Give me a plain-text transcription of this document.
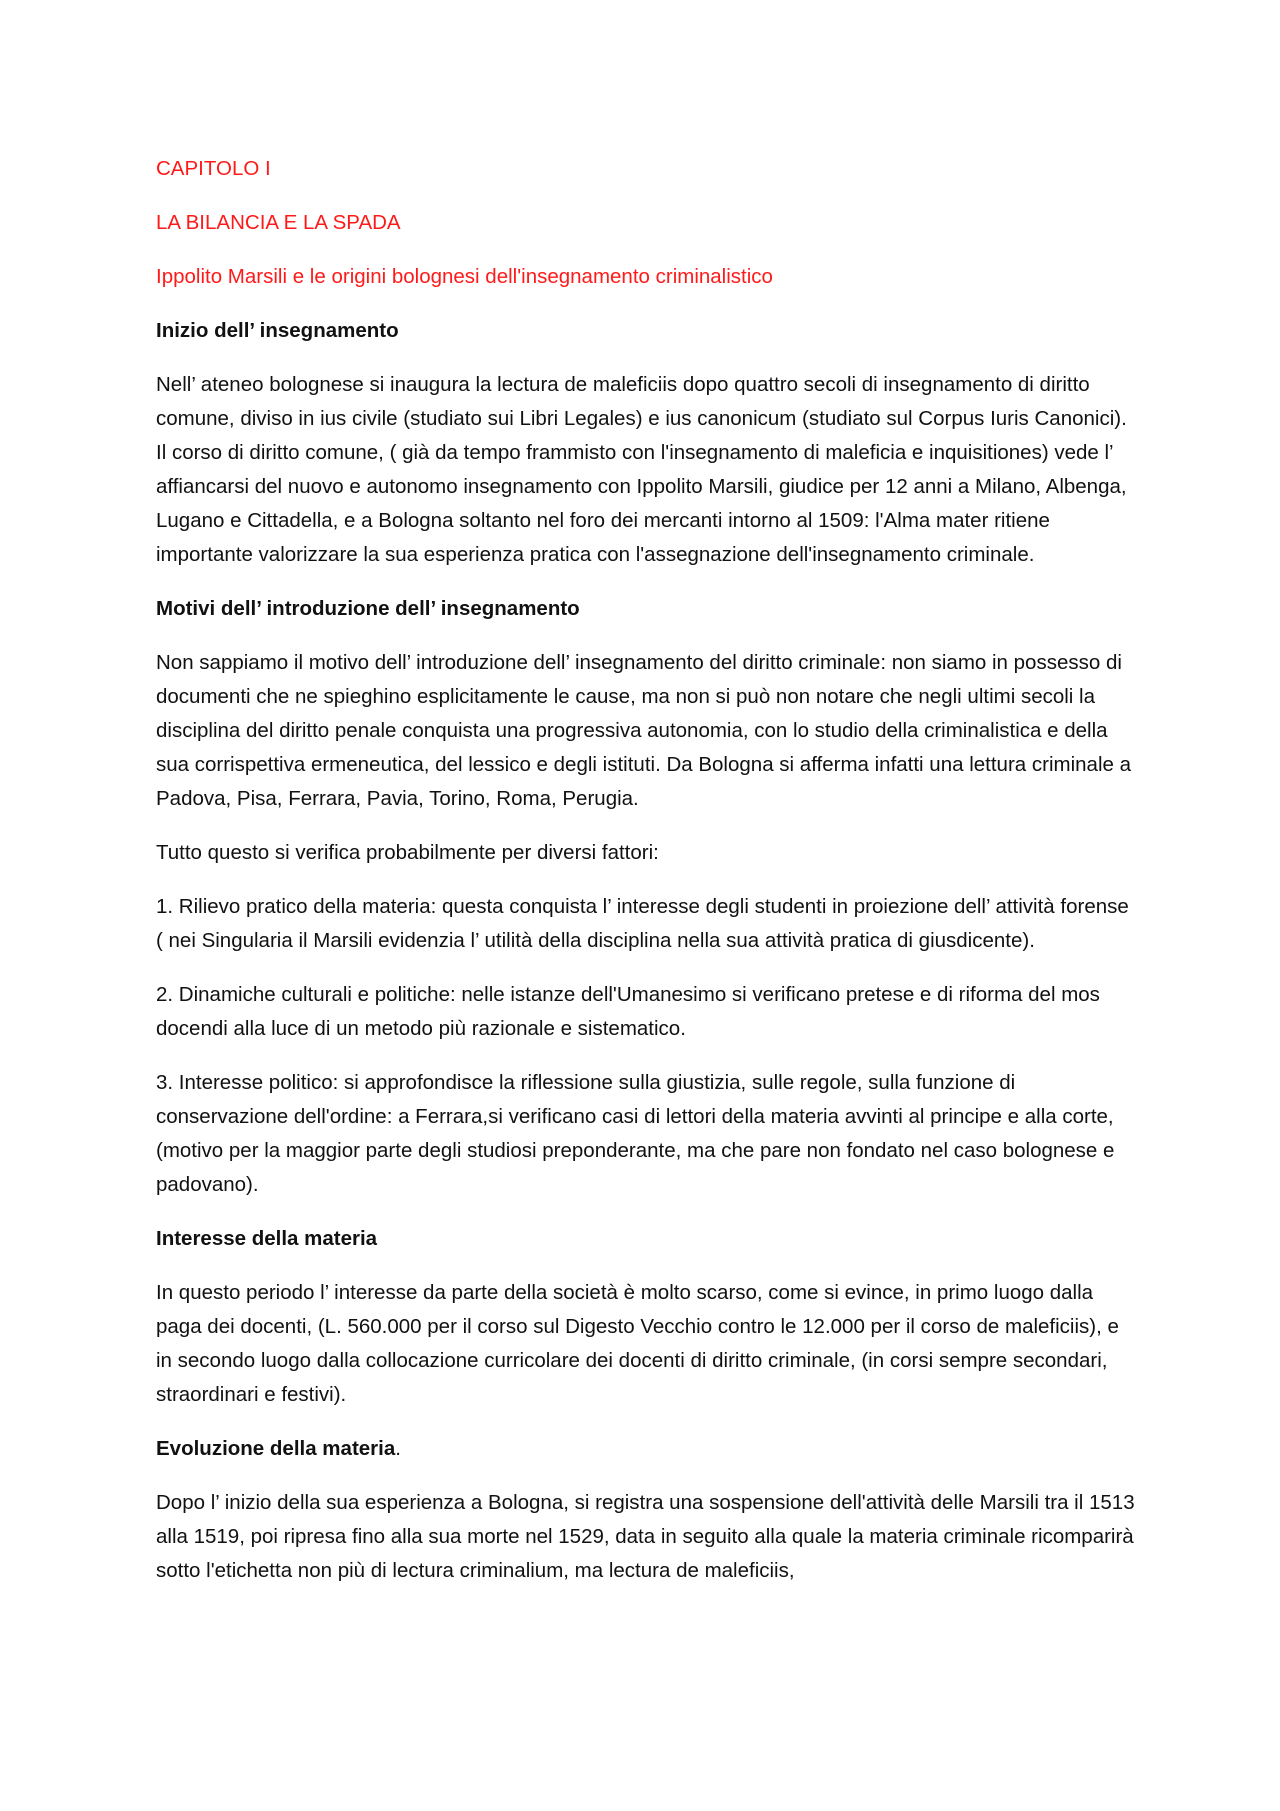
CAPITOLO I

LA BILANCIA E LA SPADA

Ippolito Marsili e le origini bolognesi dell'insegnamento criminalistico

Inizio dell’ insegnamento

Nell’ ateneo bolognese si inaugura la lectura de maleficiis dopo quattro secoli di insegnamento di diritto comune, diviso in ius civile (studiato sui Libri Legales) e ius canonicum (studiato sul Corpus Iuris Canonici). Il corso di diritto comune, ( già da tempo frammisto con l'insegnamento di maleficia e inquisitiones) vede l’ affiancarsi del nuovo e autonomo insegnamento con Ippolito Marsili, giudice per 12 anni a Milano, Albenga, Lugano e Cittadella, e a Bologna soltanto nel foro dei mercanti intorno al 1509: l'Alma mater ritiene importante valorizzare la sua esperienza pratica con l'assegnazione dell'insegnamento criminale.

Motivi dell’ introduzione dell’ insegnamento

Non sappiamo il motivo dell’ introduzione dell’ insegnamento del diritto criminale: non siamo in possesso di documenti che ne spieghino esplicitamente le cause, ma non si può non notare che negli ultimi secoli la disciplina del diritto penale conquista una progressiva autonomia, con lo studio della criminalistica e della sua corrispettiva ermeneutica, del lessico e degli istituti. Da Bologna si afferma infatti una lettura criminale a Padova, Pisa, Ferrara, Pavia, Torino, Roma, Perugia.

Tutto questo si verifica probabilmente per diversi fattori:

1. Rilievo pratico della materia: questa conquista l’ interesse degli studenti in proiezione dell’ attività forense ( nei Singularia il Marsili evidenzia l’ utilità della disciplina nella sua attività pratica di giusdicente).

2. Dinamiche culturali e politiche: nelle istanze dell'Umanesimo si verificano pretese e di riforma del mos docendi alla luce di un metodo più razionale e sistematico.

3. Interesse politico: si approfondisce la riflessione sulla giustizia, sulle regole, sulla funzione di conservazione dell'ordine: a Ferrara,si verificano casi di lettori della materia avvinti al principe e alla corte, (motivo per la maggior parte degli studiosi preponderante, ma che pare non fondato nel caso bolognese e padovano).

Interesse della materia

In questo periodo l’ interesse da parte della società è molto scarso, come si evince, in primo luogo dalla paga dei docenti, (L. 560.000 per il corso sul Digesto Vecchio contro le 12.000 per il corso de maleficiis), e in secondo luogo dalla collocazione curricolare dei docenti di diritto criminale, (in corsi sempre secondari, straordinari e festivi).

Evoluzione della materia.

Dopo l’ inizio della sua esperienza a Bologna, si registra una sospensione dell'attività delle Marsili tra il 1513 alla 1519, poi ripresa fino alla sua morte nel 1529, data in seguito alla quale la materia criminale ricomparirà sotto l'etichetta non più di lectura criminalium, ma lectura de maleficiis,
